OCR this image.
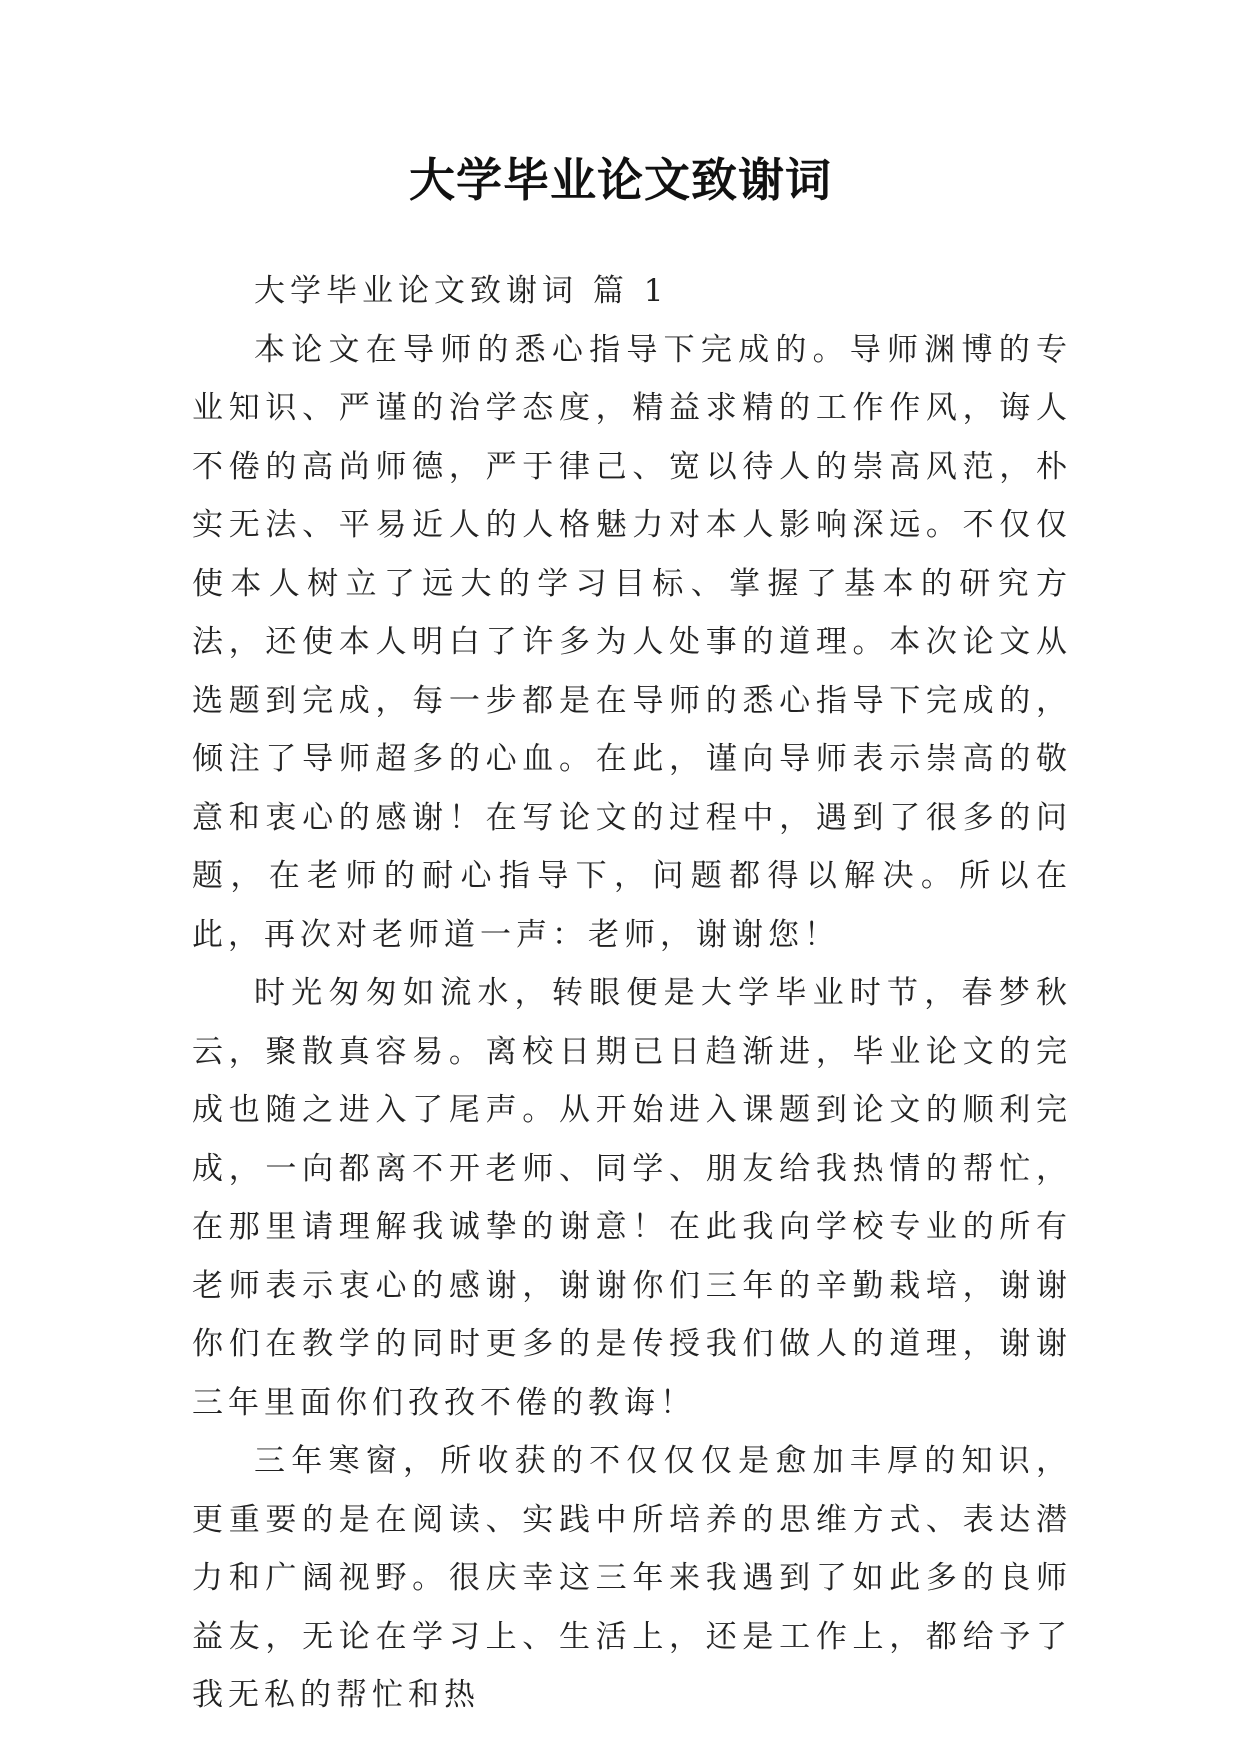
大学毕业论文致谢词

大学毕业论文致谢词 篇 1

本论文在导师的悉心指导下完成的。导师渊博的专业知识、严谨的治学态度，精益求精的工作作风，诲人不倦的高尚师德，严于律己、宽以待人的崇高风范，朴实无法、平易近人的人格魅力对本人影响深远。不仅仅使本人树立了远大的学习目标、掌握了基本的研究方法，还使本人明白了许多为人处事的道理。本次论文从选题到完成，每一步都是在导师的悉心指导下完成的，倾注了导师超多的心血。在此，谨向导师表示崇高的敬意和衷心的感谢！在写论文的过程中，遇到了很多的问题，在老师的耐心指导下，问题都得以解决。所以在此，再次对老师道一声：老师，谢谢您！

时光匆匆如流水，转眼便是大学毕业时节，春梦秋云，聚散真容易。离校日期已日趋渐进，毕业论文的完成也随之进入了尾声。从开始进入课题到论文的顺利完成，一向都离不开老师、同学、朋友给我热情的帮忙，在那里请理解我诚挚的谢意！在此我向学校专业的所有老师表示衷心的感谢，谢谢你们三年的辛勤栽培，谢谢你们在教学的同时更多的是传授我们做人的道理，谢谢三年里面你们孜孜不倦的教诲！

三年寒窗，所收获的不仅仅仅是愈加丰厚的知识，更重要的是在阅读、实践中所培养的思维方式、表达潜力和广阔视野。很庆幸这三年来我遇到了如此多的良师益友，无论在学习上、生活上，还是工作上，都给予了我无私的帮忙和热
